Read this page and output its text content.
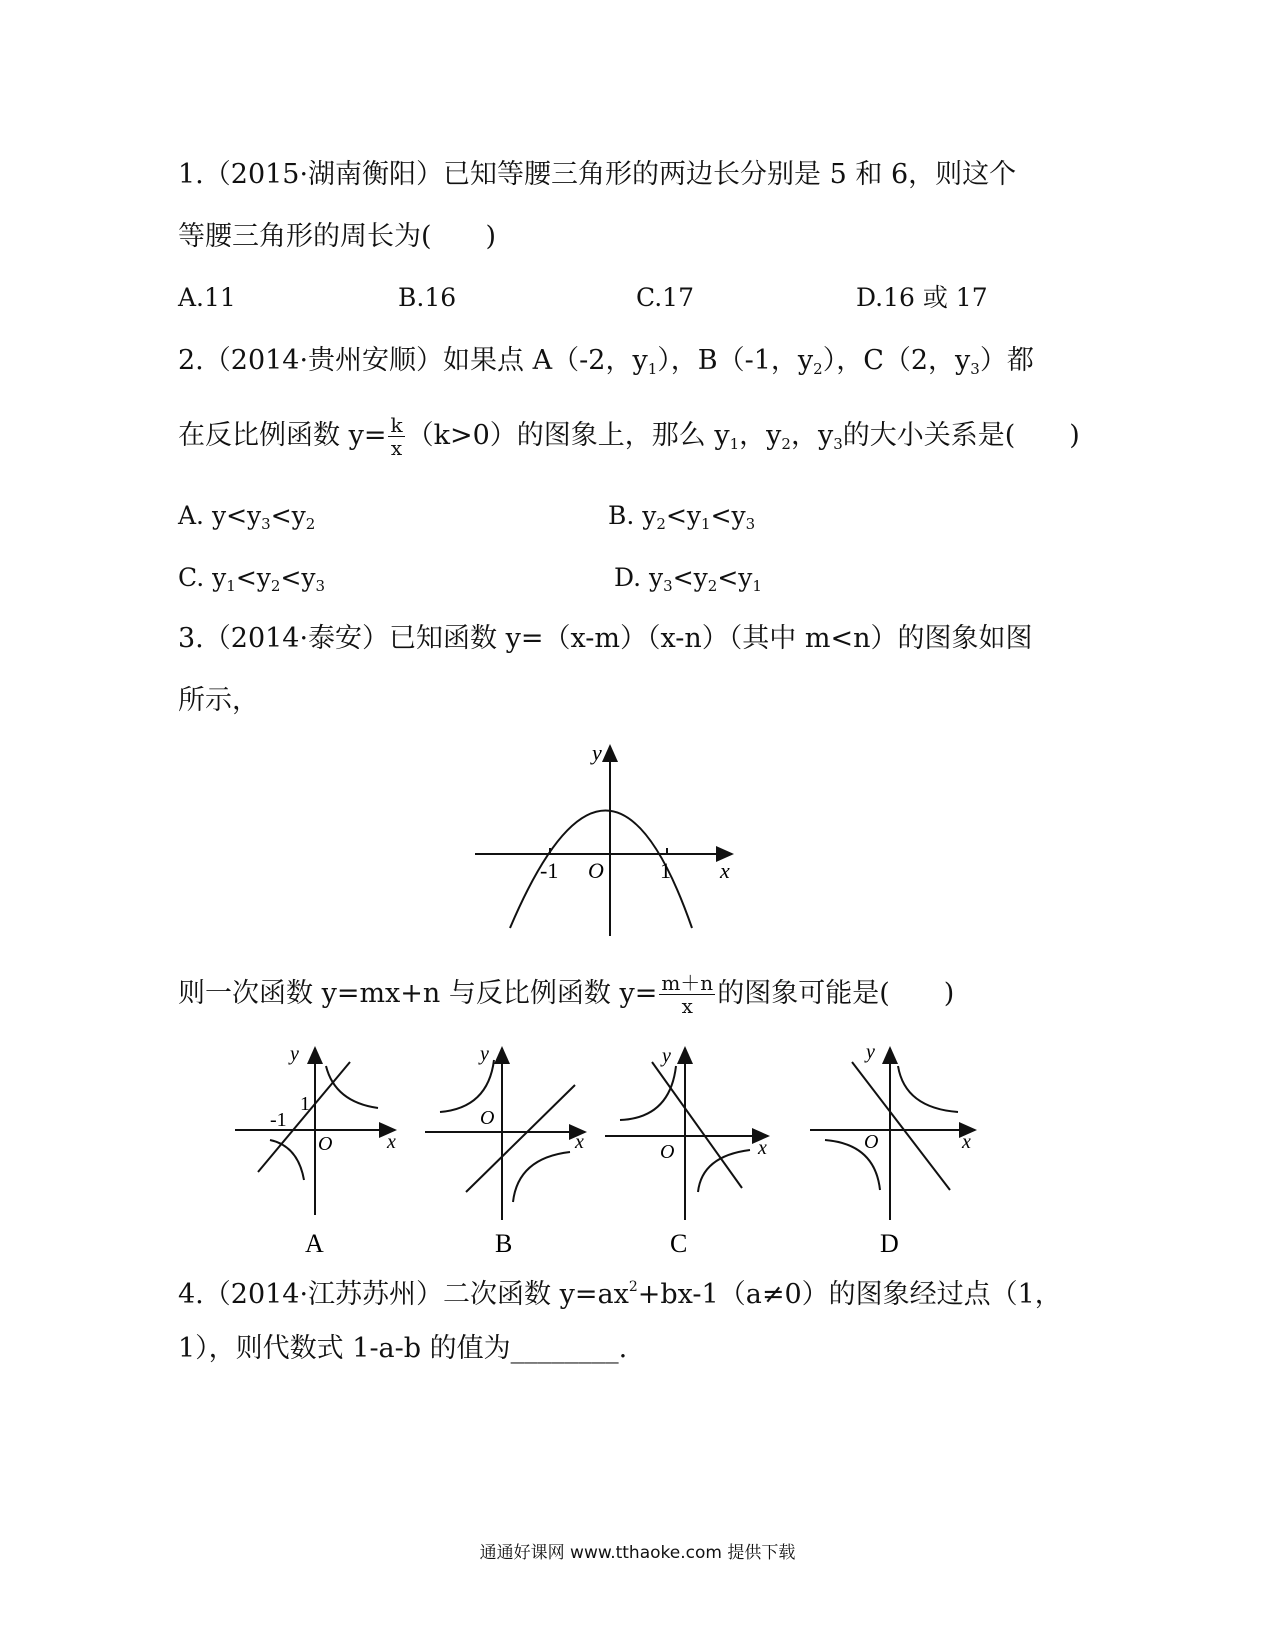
1.（2015·湖南衡阳）已知等腰三角形的两边长分别是 5 和 6，则这个
等腰三角形的周长为(　　)
A.11	B.16	C.17	D.16 或 17
2.（2014·贵州安顺）如果点 A（-2，$y_1$），B（-1，$y_2$），C（2，$y_3$）都
在反比例函数 $y= \frac{k}{x} (k>0)$的图象上，那么 $y_1$，$y_2$，$y_3$的大小关系是(　　)
A. $y<y_3<y_2$	B. $y_2<y_1<y_3$
C. $y_1<y_2<y_3$	D. $y_3<y_2<y_1$
3.（2014·泰安）已知函数 y=（x-m）（x-n）（其中 m<n）的图象如图
所示，
y
x
O
-1	1
则一次函数 y=mx+n 与反比例函数 $y= \frac{m+n}{x}$ 的图象可能是(　　)
y
x
O
1
-1
A
y
x
O
B
y
x
O
C
y
x
O
D
4.（2014·江苏苏州）二次函数 $y=ax^2+bx-1(a\ne 0)$的图象经过点（1，
1），则代数式 1-a-b 的值为________.
通通好课网 www.tthaoke.com 提供下载
